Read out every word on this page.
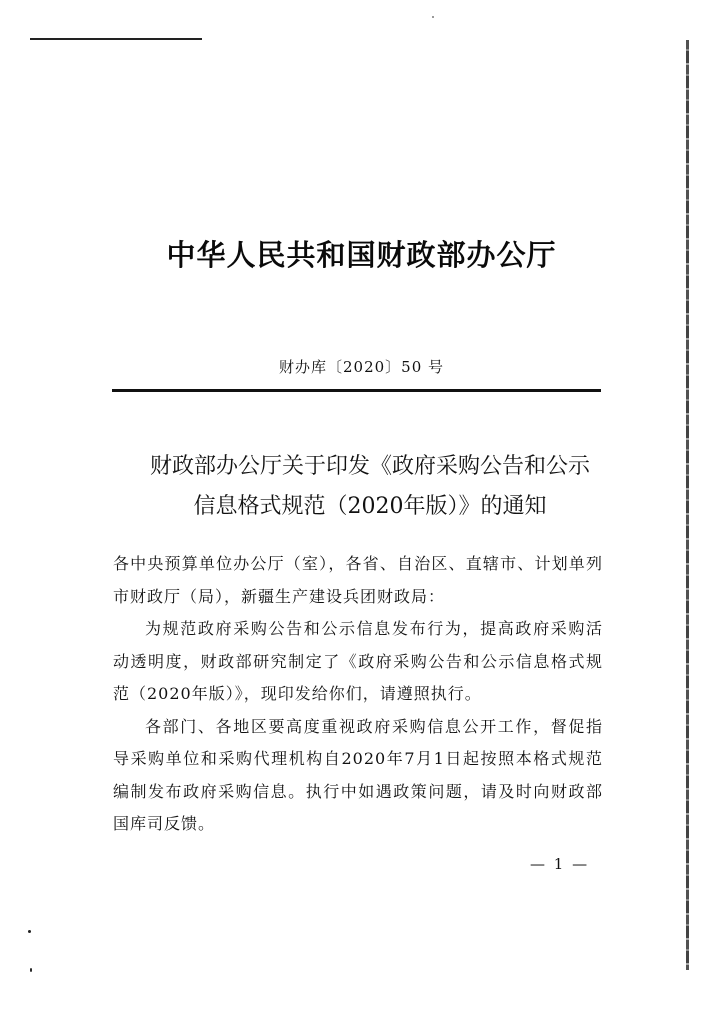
中华人民共和国财政部办公厅
财办库〔2020〕50 号
财政部办公厅关于印发《政府采购公告和公示
信息格式规范（2020年版）》的通知

各中央预算单位办公厅（室），各省、自治区、直辖市、计划单列市财政厅（局），新疆生产建设兵团财政局：

为规范政府采购公告和公示信息发布行为，提高政府采购活动透明度，财政部研究制定了《政府采购公告和公示信息格式规范（2020年版）》，现印发给你们，请遵照执行。

各部门、各地区要高度重视政府采购信息公开工作，督促指导采购单位和采购代理机构自2020年7月1日起按照本格式规范编制发布政府采购信息。执行中如遇政策问题，请及时向财政部国库司反馈。

— 1 —
